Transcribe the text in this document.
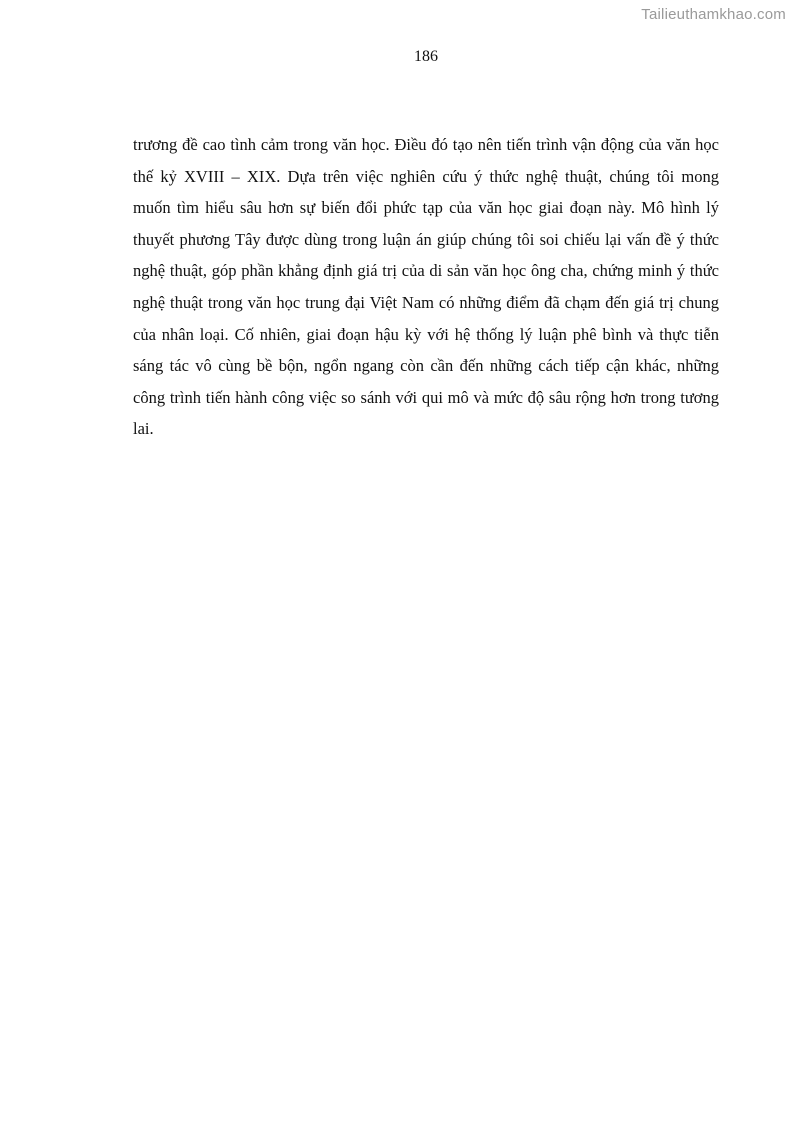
Tailieuthamkhao.com
186

trương đề cao tình cảm trong văn học. Điều đó tạo nên tiến trình vận động của văn học thế kỷ XVIII – XIX. Dựa trên việc nghiên cứu ý thức nghệ thuật, chúng tôi mong muốn tìm hiểu sâu hơn sự biến đổi phức tạp của văn học giai đoạn này. Mô hình lý thuyết phương Tây được dùng trong luận án giúp chúng tôi soi chiếu lại vấn đề ý thức nghệ thuật, góp phần khẳng định giá trị của di sản văn học ông cha, chứng minh ý thức nghệ thuật trong văn học trung đại Việt Nam có những điểm đã chạm đến giá trị chung của nhân loại. Cố nhiên, giai đoạn hậu kỳ với hệ thống lý luận phê bình và thực tiễn sáng tác vô cùng bề bộn, ngổn ngang còn cần đến những cách tiếp cận khác, những công trình tiến hành công việc so sánh với qui mô và mức độ sâu rộng hơn trong tương lai.
